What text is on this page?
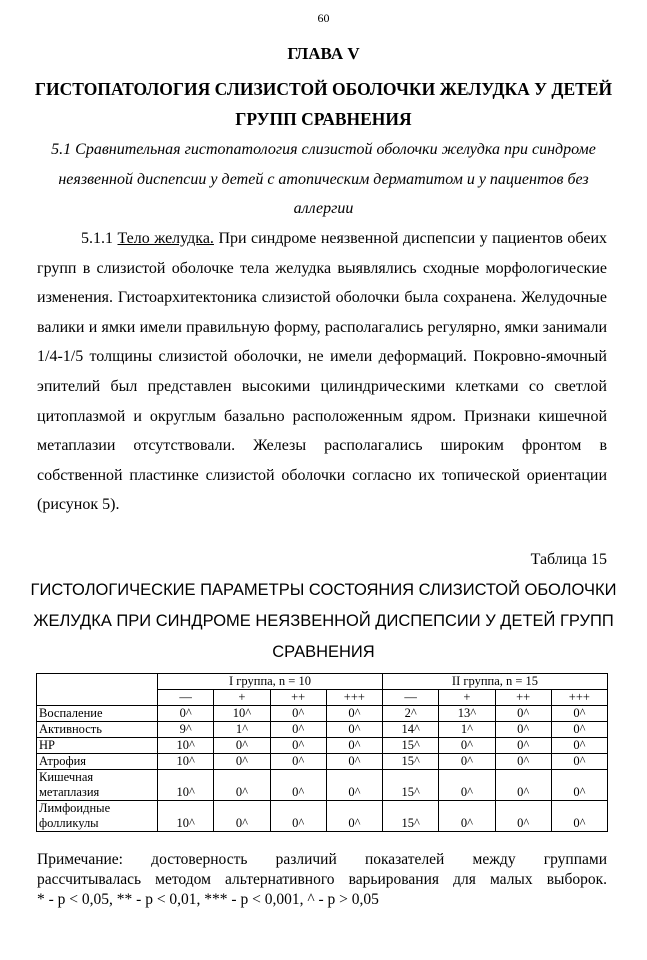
60
ГЛАВА V
ГИСТОПАТОЛОГИЯ СЛИЗИСТОЙ ОБОЛОЧКИ ЖЕЛУДКА У ДЕТЕЙ ГРУПП СРАВНЕНИЯ
5.1 Сравнительная гистопатология слизистой оболочки желудка при синдроме неязвенной диспепсии у детей с атопическим дерматитом и у пациентов без аллергии

5.1.1 Тело желудка. При синдроме неязвенной диспепсии у пациентов обеих групп в слизистой оболочке тела желудка выявлялись сходные морфологические изменения. Гистоархитектоника слизистой оболочки была сохранена. Желудочные валики и ямки имели правильную форму, располагались регулярно, ямки занимали 1/4-1/5 толщины слизистой оболочки, не имели деформаций. Покровно-ямочный эпителий был представлен высокими цилиндрическими клетками со светлой цитоплазмой и округлым базально расположенным ядром. Признаки кишечной метаплазии отсутствовали. Железы располагались широким фронтом в собственной пластинке слизистой оболочки согласно их топической ориентации (рисунок 5).

Таблица 15
ГИСТОЛОГИЧЕСКИЕ ПАРАМЕТРЫ СОСТОЯНИЯ СЛИЗИСТОЙ ОБОЛОЧКИ ЖЕЛУДКА ПРИ СИНДРОМЕ НЕЯЗВЕННОЙ ДИСПЕПСИИ У ДЕТЕЙ ГРУПП СРАВНЕНИЯ
	I группа, n = 10				II группа, n = 15			
	—	+	++	+++	—	+	++	+++
Воспаление	0^	10^	0^	0^	2^	13^	0^	0^
Активность	9^	1^	0^	0^	14^	1^	0^	0^
HP	10^	0^	0^	0^	15^	0^	0^	0^
Атрофия	10^	0^	0^	0^	15^	0^	0^	0^
Кишечная метаплазия	10^	0^	0^	0^	15^	0^	0^	0^
Лимфоидные фолликулы	10^	0^	0^	0^	15^	0^	0^	0^

Примечание: достоверность различий показателей между группами

рассчитывалась методом альтернативного варьирования для малых выборок.

* - p < 0,05, ** - p < 0,01, *** - p < 0,001, ^ - p > 0,05
